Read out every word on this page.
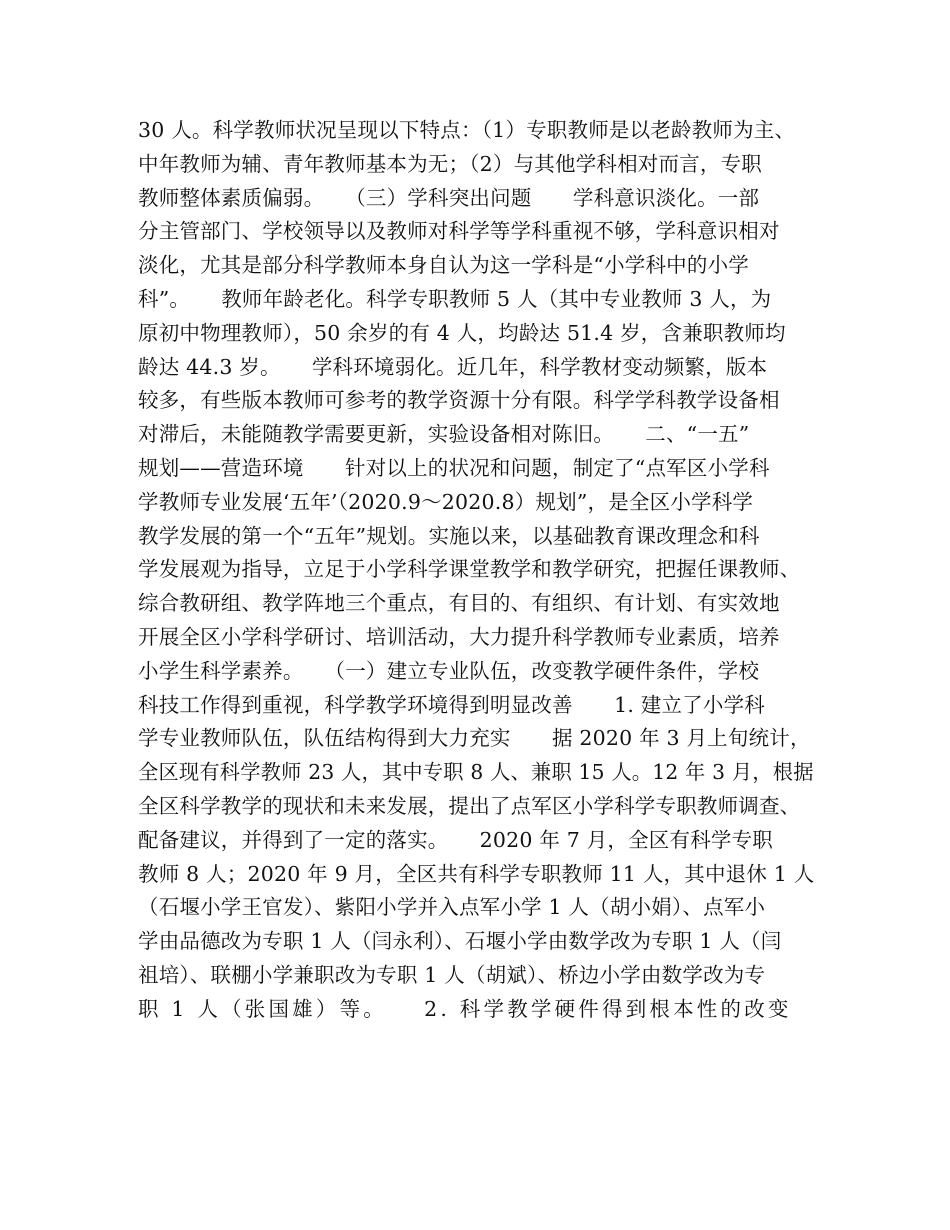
30 人。科学教师状况呈现以下特点：（1）专职教师是以老龄教师为主、
中年教师为辅、青年教师基本为无；（2）与其他学科相对而言，专职
教师整体素质偏弱。　　（三）学科突出问题　　学科意识淡化。一部
分主管部门、学校领导以及教师对科学等学科重视不够，学科意识相对
淡化，尤其是部分科学教师本身自认为这一学科是“小学科中的小学
科”。　　教师年龄老化。科学专职教师 5 人（其中专业教师 3 人，为
原初中物理教师），50 余岁的有 4 人，均龄达 51.4 岁，含兼职教师均
龄达 44.3 岁。　　学科环境弱化。近几年，科学教材变动频繁，版本
较多，有些版本教师可参考的教学资源十分有限。科学学科教学设备相
对滞后，未能随教学需要更新，实验设备相对陈旧。　　二、“一五”
规划——营造环境　　针对以上的状况和问题，制定了“点军区小学科
学教师专业发展‘五年’（2020.9～2020.8）规划”，是全区小学科学
教学发展的第一个“五年”规划。实施以来，以基础教育课改理念和科
学发展观为指导，立足于小学科学课堂教学和教学研究，把握任课教师、
综合教研组、教学阵地三个重点，有目的、有组织、有计划、有实效地
开展全区小学科学研讨、培训活动，大力提升科学教师专业素质，培养
小学生科学素养。　　（一）建立专业队伍，改变教学硬件条件，学校
科技工作得到重视，科学教学环境得到明显改善　　1. 建立了小学科
学专业教师队伍，队伍结构得到大力充实　　据 2020 年 3 月上旬统计，
全区现有科学教师 23 人，其中专职 8 人、兼职 15 人。12 年 3 月，根据
全区科学教学的现状和未来发展，提出了点军区小学科学专职教师调查、
配备建议，并得到了一定的落实。　　2020 年 7 月，全区有科学专职
教师 8 人；2020 年 9 月，全区共有科学专职教师 11 人，其中退休 1 人
（石堰小学王官发）、紫阳小学并入点军小学 1 人（胡小娟）、点军小
学由品德改为专职 1 人（闫永利）、石堰小学由数学改为专职 1 人（闫
祖培）、联棚小学兼职改为专职 1 人（胡斌）、桥边小学由数学改为专
职 1 人（张国雄）等。　　2. 科学教学硬件得到根本性的改变
